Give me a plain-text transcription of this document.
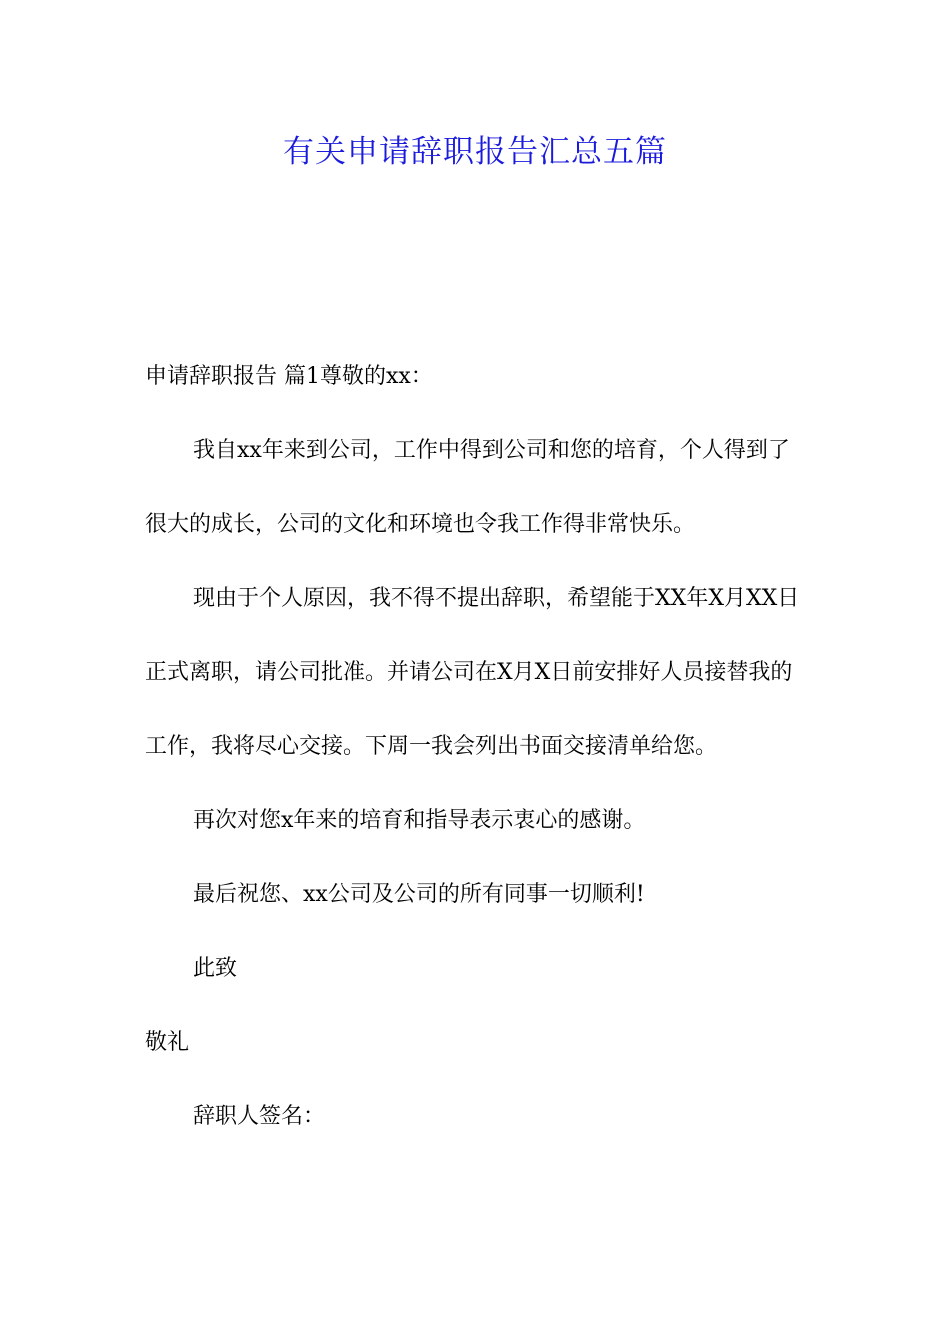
有关申请辞职报告汇总五篇

申请辞职报告 篇1尊敬的xx：

我自xx年来到公司，工作中得到公司和您的培育，个人得到了很大的成长，公司的文化和环境也令我工作得非常快乐。

现由于个人原因，我不得不提出辞职，希望能于XX年X月XX日正式离职，请公司批准。并请公司在X月X日前安排好人员接替我的工作，我将尽心交接。下周一我会列出书面交接清单给您。

再次对您x年来的培育和指导表示衷心的感谢。

最后祝您、xx公司及公司的所有同事一切顺利!

此致

敬礼

辞职人签名：
